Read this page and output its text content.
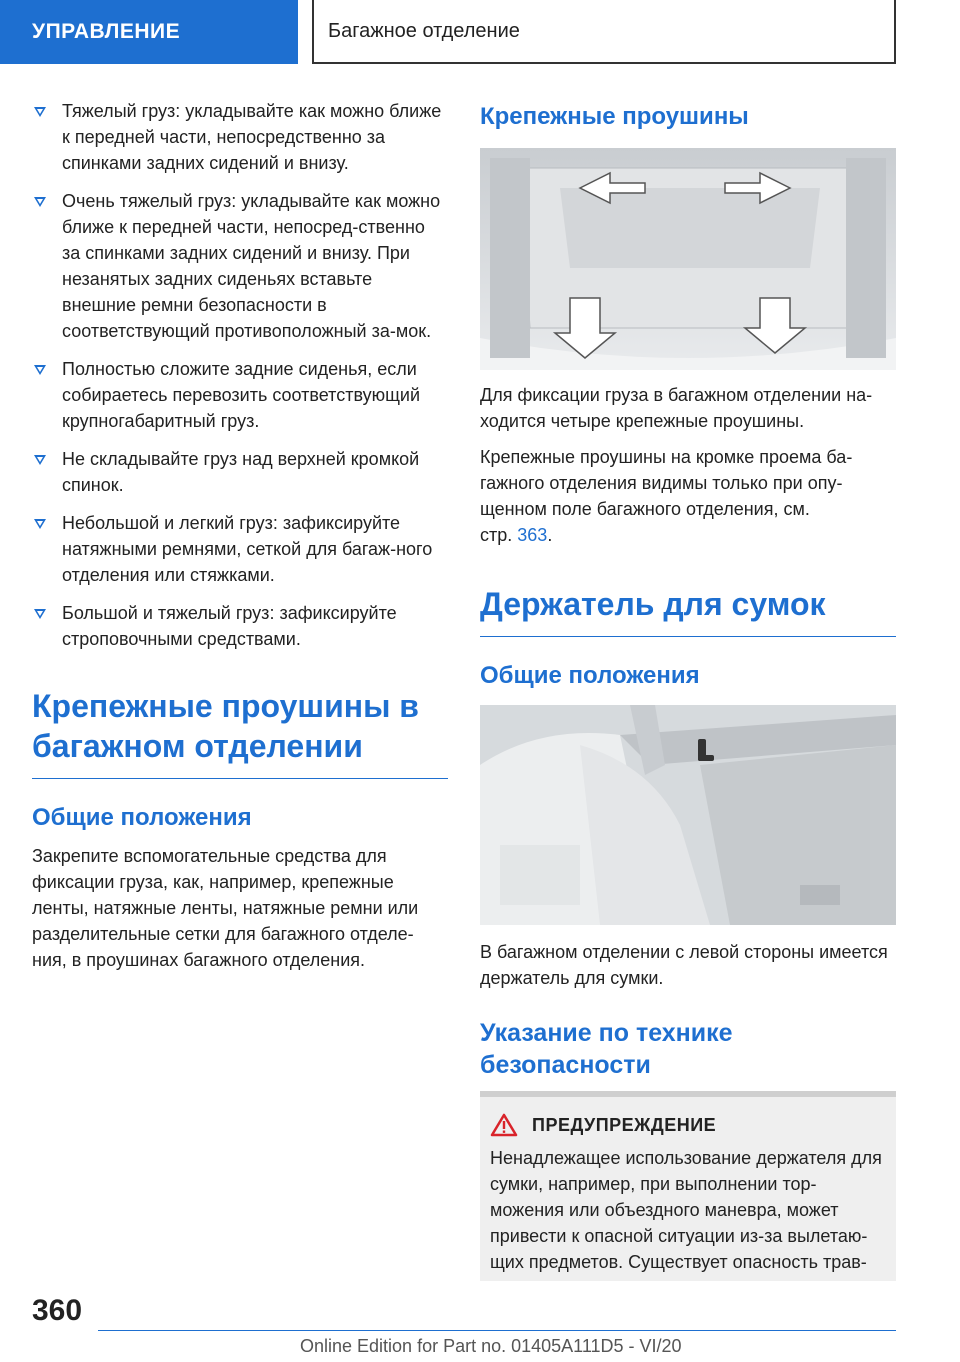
УПРАВЛЕНИЕ	Багажное отделение
Тяжелый груз: укладывайте как можно ближе к передней части, непосредственно за спинками задних сидений и внизу.
Очень тяжелый груз: укладывайте как можно ближе к передней части, непосред-ственно за спинками задних сидений и внизу. При незанятых задних сиденьях вставьте внешние ремни безопасности в соответствующий противоположный за-мок.
Полностью сложите задние сиденья, если собираетесь перевозить соответствующий крупногабаритный груз.
Не складывайте груз над верхней кромкой спинок.
Небольшой и легкий груз: зафиксируйте натяжными ремнями, сеткой для багаж-ного отделения или стяжками.
Большой и тяжелый груз: зафиксируйте строповочными средствами.
Крепежные проушины в багажном отделении
Общие положения
Закрепите вспомогательные средства для фиксации груза, как, например, крепежные ленты, натяжные ленты, натяжные ремни или разделительные сетки для багажного отделе-ния, в проушинах багажного отделения.
Крепежные проушины
Для фиксации груза в багажном отделении на-ходится четыре крепежные проушины.
Крепежные проушины на кромке проема ба-гажного отделения видимы только при опу-щенном поле багажного отделения, см.
стр. 363.
Держатель для сумок
Общие положения
В багажном отделении с левой стороны имеется держатель для сумки.
Указание по технике безопасности
ПРЕДУПРЕЖДЕНИЕ
Ненадлежащее использование держателя для сумки, например, при выполнении тор-можения или объездного маневра, может привести к опасной ситуации из-за вылетаю-щих предметов. Существует опасность трав-
360
Online Edition for Part no. 01405A111D5 - VI/20
